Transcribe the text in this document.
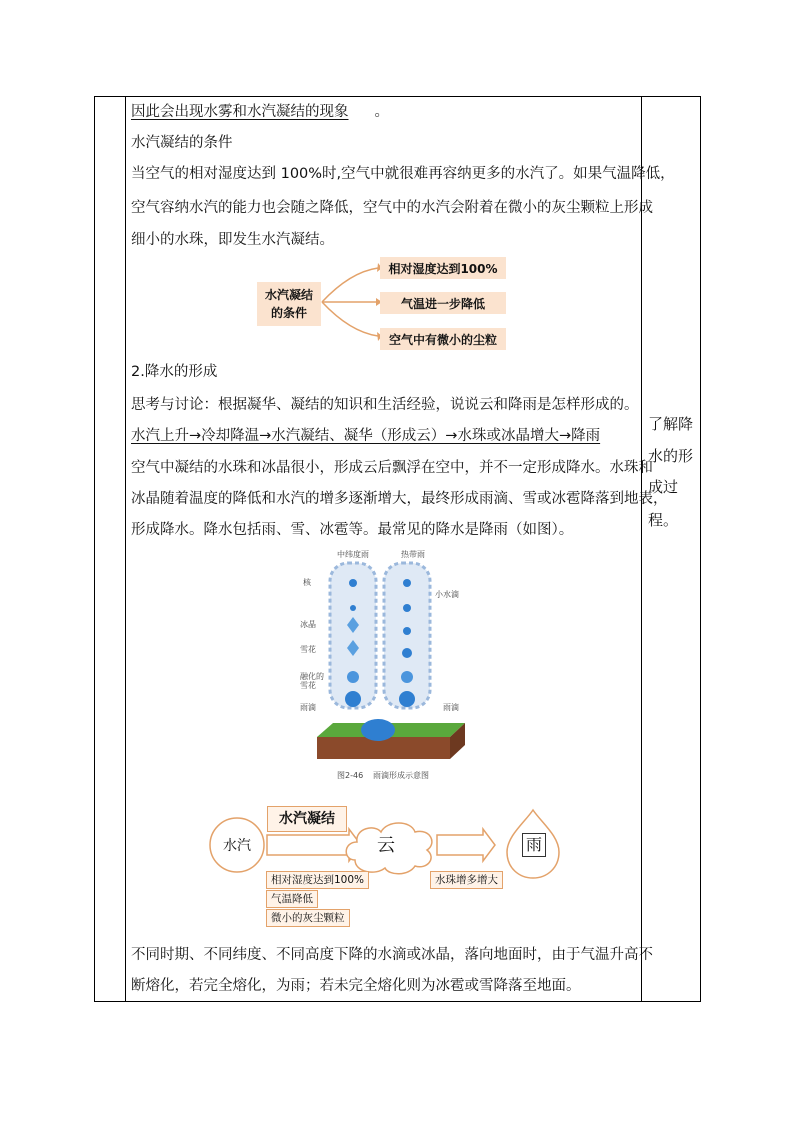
因此会出现水雾和水汽凝结的现象 。
水汽凝结的条件
当空气的相对湿度达到 100%时,空气中就很难再容纳更多的水汽了。如果气温降低，
空气容纳水汽的能力也会随之降低，空气中的水汽会附着在微小的灰尘颗粒上形成
细小的水珠，即发生水汽凝结。
水汽凝结
的条件
相对湿度达到100%
气温进一步降低
空气中有微小的尘粒
2.降水的形成
思考与讨论：根据凝华、凝结的知识和生活经验，说说云和降雨是怎样形成的。
水汽上升→冷却降温→水汽凝结、凝华（形成云）→水珠或冰晶增大→降雨
空气中凝结的水珠和冰晶很小，形成云后飘浮在空中，并不一定形成降水。水珠和
冰晶随着温度的降低和水汽的增多逐渐增大，最终形成雨滴、雪或冰雹降落到地表，
形成降水。降水包括雨、雪、冰雹等。最常见的降水是降雨（如图）。
了解降
水的形
成过
程。
中纬度雨	热带雨
核
冰晶
雪花
融化的
雪花
雨滴
小水滴
雨滴
图2-46 雨滴形成示意图
水汽
水汽凝结
云	雨
相对湿度达到100%
气温降低
微小的灰尘颗粒
水珠增多增大
不同时期、不同纬度、不同高度下降的水滴或冰晶，落向地面时，由于气温升高不
断熔化，若完全熔化，为雨；若未完全熔化则为冰雹或雪降落至地面。
